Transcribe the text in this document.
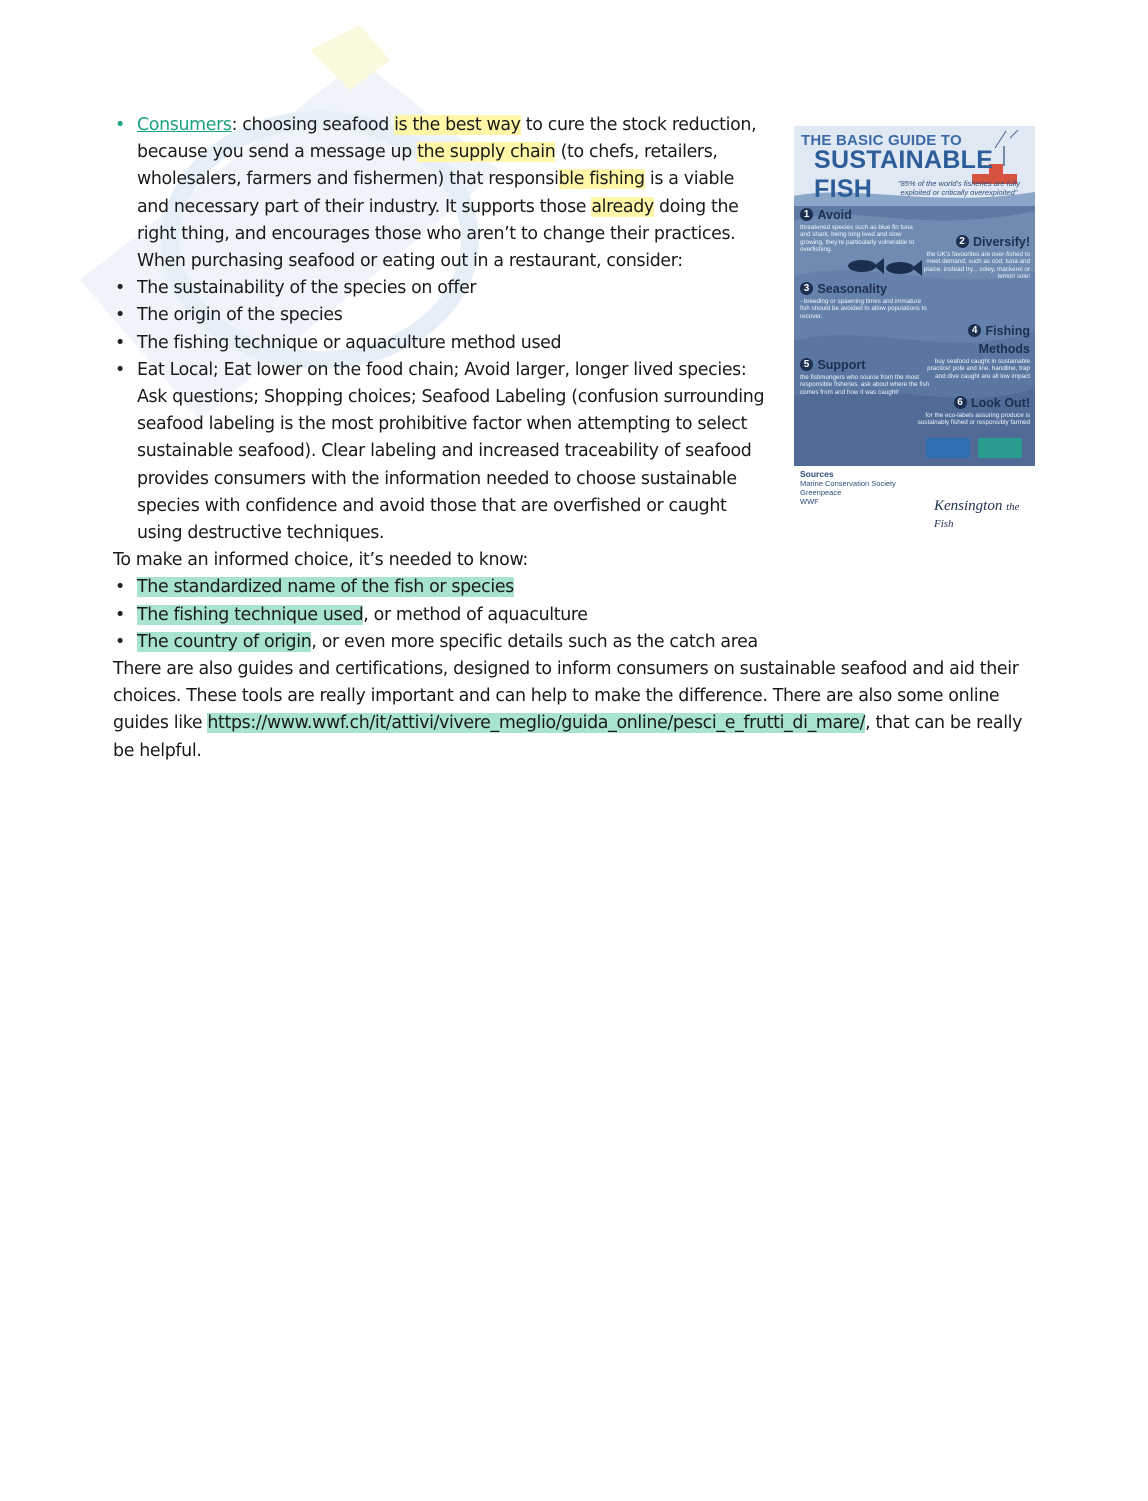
• Consumers: choosing seafood is the best way to cure the stock reduction, because you send a message up the supply chain (to chefs, retailers, wholesalers, farmers and fishermen) that responsible fishing is a viable and necessary part of their industry. It supports those already doing the right thing, and encourages those who aren’t to change their practices. When purchasing seafood or eating out in a restaurant, consider:
• The sustainability of the species on offer
• The origin of the species
• The fishing technique or aquaculture method used
• Eat Local; Eat lower on the food chain; Avoid larger, longer lived species: Ask questions; Shopping choices; Seafood Labeling (confusion surrounding seafood labeling is the most prohibitive factor when attempting to select sustainable seafood). Clear labeling and increased traceability of seafood provides consumers with the information needed to choose sustainable species with confidence and avoid those that are overfished or caught using destructive techniques.
To make an informed choice, it’s needed to know:
• The standardized name of the fish or species
• The fishing technique used, or method of aquaculture
• The country of origin, or even more specific details such as the catch area
There are also guides and certifications, designed to inform consumers on sustainable seafood and aid their choices. These tools are really important and can help to make the difference. There are also some online guides like https://www.wwf.ch/it/attivi/vivere_meglio/guida_online/pesci_e_frutti_di_mare/, that can be really be helpful.
THE BASIC GUIDE TO
SUSTAINABLE FISH	"85% of the world's fisheries are fully exploited or critically overexploited"
1 Avoid
threatened species such as blue fin tuna and shark, being long lived and slow growing, they're particularly vulnerable to overfishing.
2 Diversify!
the UK's favourites are over-fished to meet demand, such as cod, tuna and plaice. instead try... coley, mackerel or lemon sole!
3 Seasonality
- breeding or spawning times and immature fish should be avoided to allow populations to recover.
4 Fishing Methods
buy seafood caught in sustainable practice! pole and line, handline, trap and dive caught are all low impact
5 Support
the fishmongers who source from the most responsible fisheries. ask about where the fish comes from and how it was caught!
6 Look Out!
for the eco-labels assuring produce is sustainably fished or responsibly farmed
Sources
Marine Conservation Society
Greenpeace
WWF	Kensington the Fish
